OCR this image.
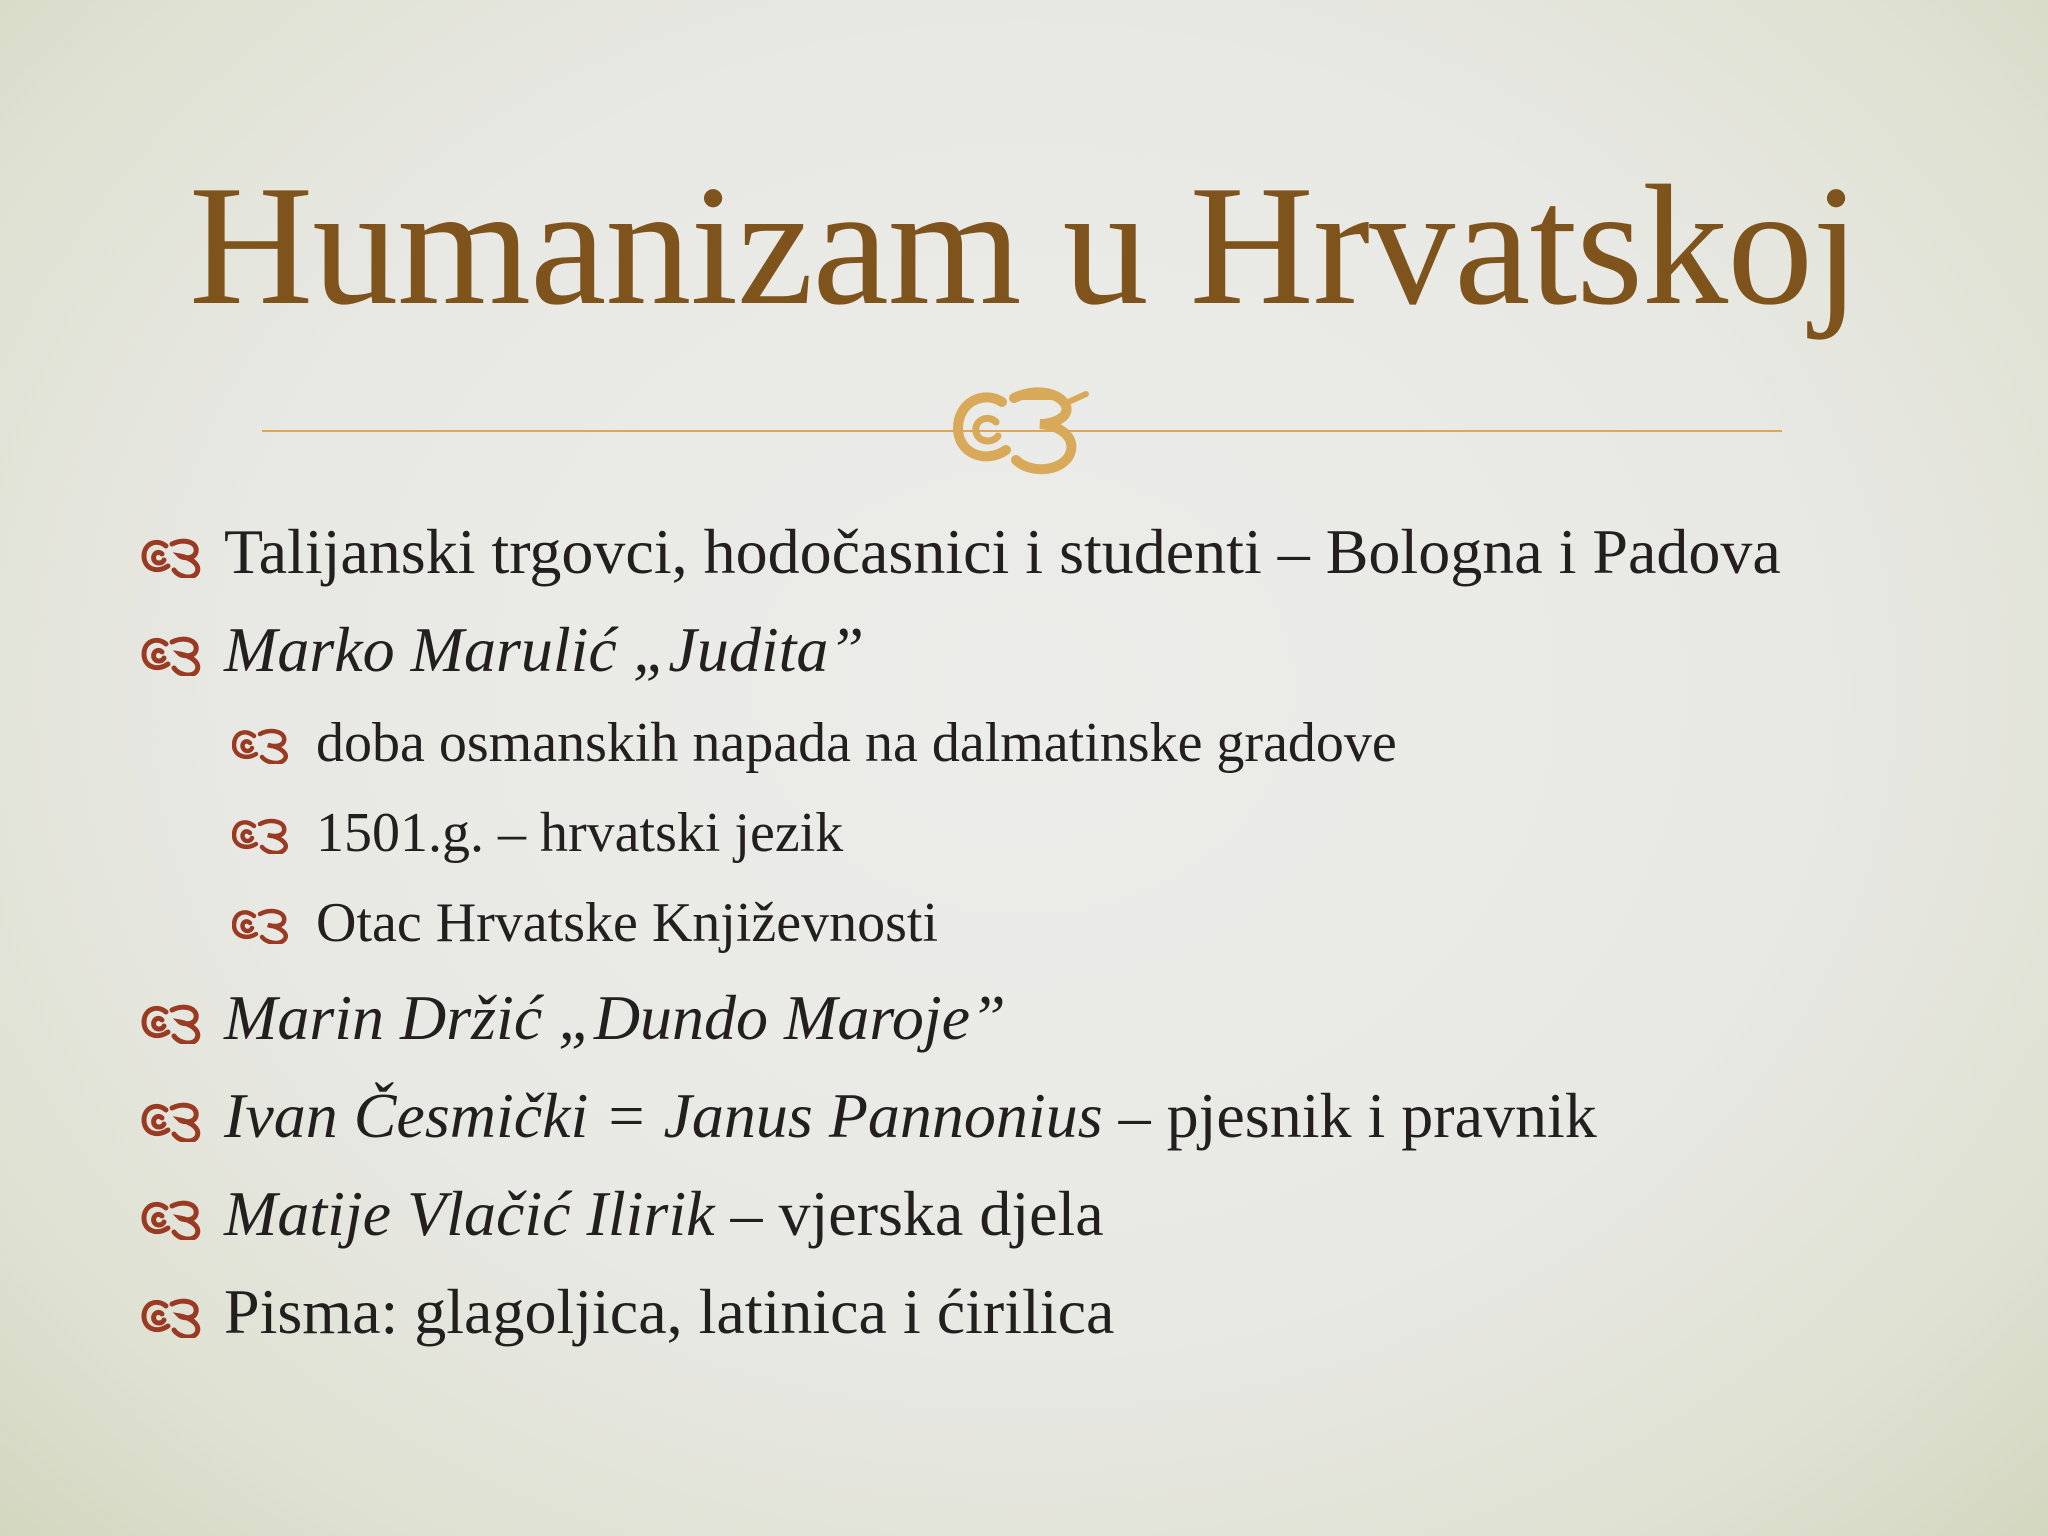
Humanizam u Hrvatskoj
Talijanski trgovci, hodočasnici i studenti – Bologna i Padova
Marko Marulić „Judita”
doba osmanskih napada na dalmatinske gradove
1501.g. – hrvatski jezik
Otac Hrvatske Književnosti
Marin Držić „Dundo Maroje”
Ivan Česmički = Janus Pannonius – pjesnik i pravnik
Matije Vlačić Ilirik – vjerska djela
Pisma: glagoljica, latinica i ćirilica
